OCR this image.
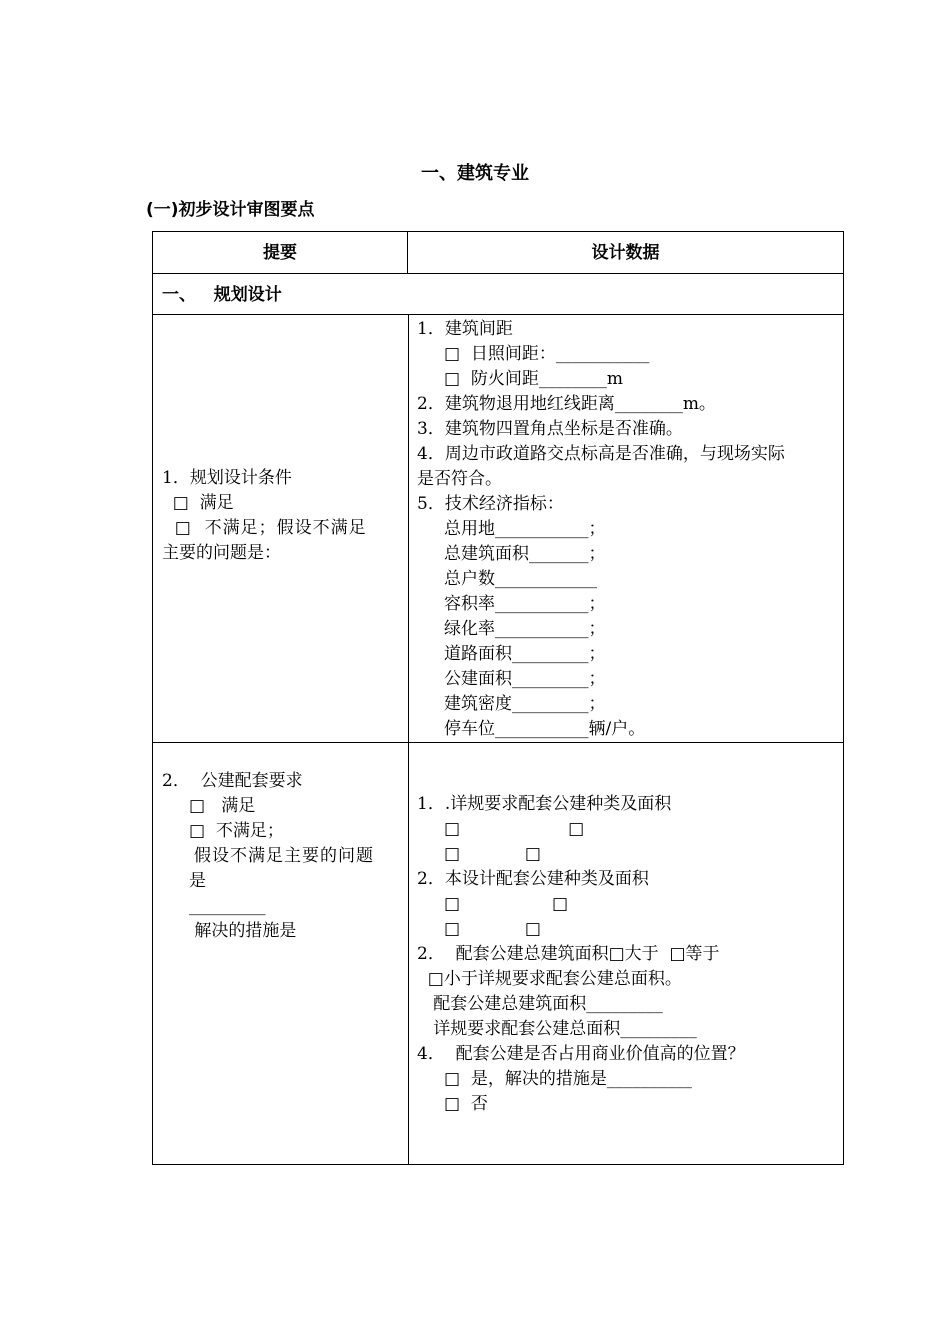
一、建筑专业
(一)初步设计审图要点
提要	设计数据
一、   规划设计
1．规划设计条件
□  满足
□  不满足；假设不满足
主要的问题是：
1．建筑间距
□  日照间距：___________
□  防火间距________m
2．建筑物退用地红线距离________m。
3．建筑物四置角点坐标是否准确。
4．周边市政道路交点标高是否准确，与现场实际
是否符合。
5．技术经济指标：
总用地___________；
总建筑面积_______；
总户数____________
容积率___________；
绿化率___________；
道路面积_________；
公建面积_________；
建筑密度_________；
停车位___________辆/户。
2．  公建配套要求
□   满足
□  不满足；
假设不满足主要的问题
是
_________
解决的措施是
1．.详规要求配套公建种类及面积
□                    □
□            □
2．本设计配套公建种类及面积
□                 □
□            □
2．  配套公建总建筑面积□大于  □等于
□小于详规要求配套公建总面积。
配套公建总建筑面积_________
详规要求配套公建总面积_________
4．  配套公建是否占用商业价值高的位置？
□  是，解决的措施是__________
□  否
